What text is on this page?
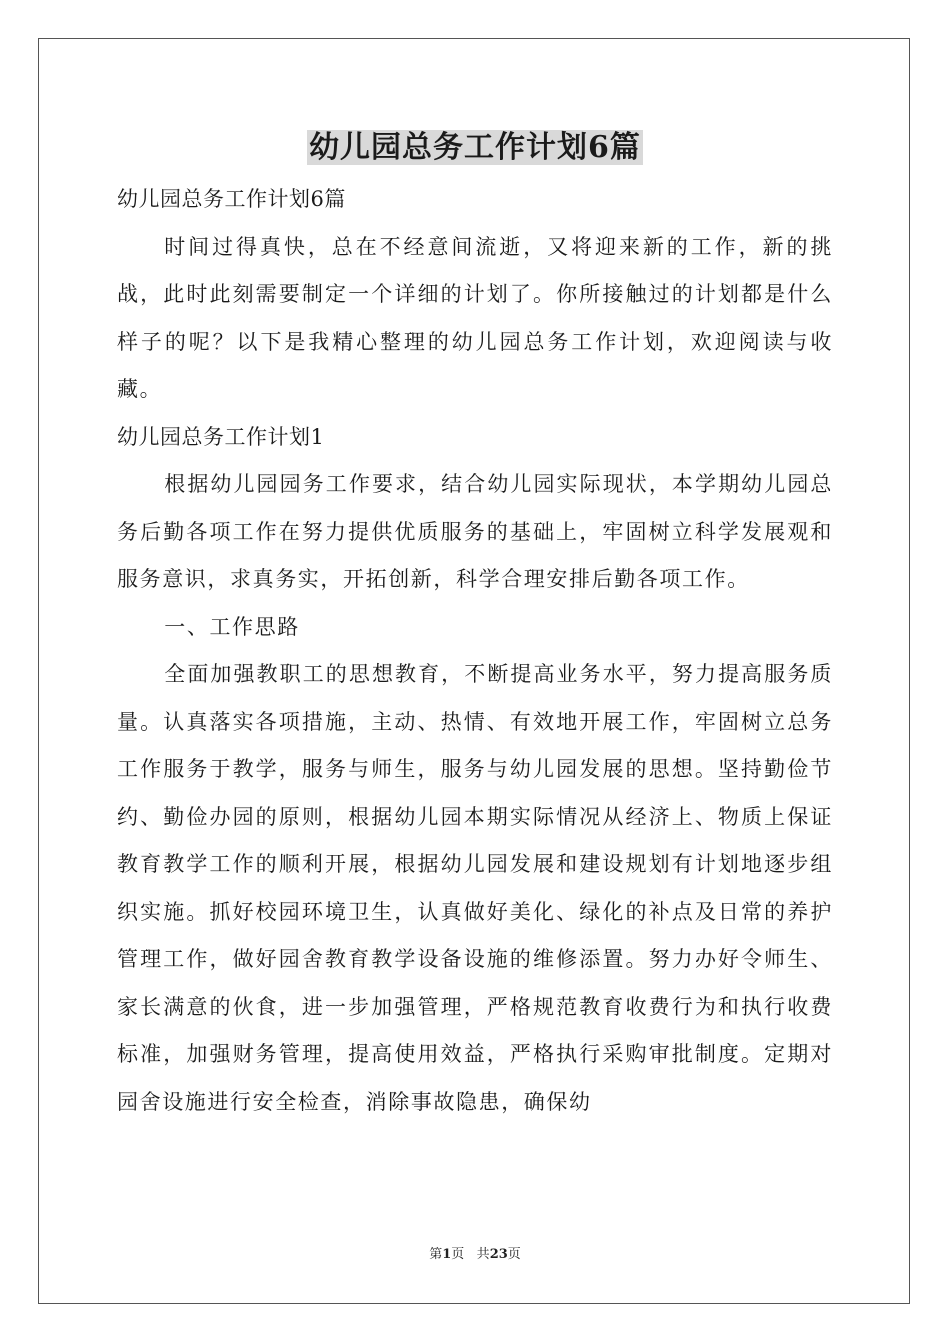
幼儿园总务工作计划6篇

幼儿园总务工作计划6篇

时间过得真快，总在不经意间流逝，又将迎来新的工作，新的挑战，此时此刻需要制定一个详细的计划了。你所接触过的计划都是什么样子的呢？以下是我精心整理的幼儿园总务工作计划，欢迎阅读与收藏。

幼儿园总务工作计划1

根据幼儿园园务工作要求，结合幼儿园实际现状，本学期幼儿园总务后勤各项工作在努力提供优质服务的基础上，牢固树立科学发展观和服务意识，求真务实，开拓创新，科学合理安排后勤各项工作。

一、工作思路

全面加强教职工的思想教育，不断提高业务水平，努力提高服务质量。认真落实各项措施，主动、热情、有效地开展工作，牢固树立总务工作服务于教学，服务与师生，服务与幼儿园发展的思想。坚持勤俭节约、勤俭办园的原则，根据幼儿园本期实际情况从经济上、物质上保证教育教学工作的顺利开展，根据幼儿园发展和建设规划有计划地逐步组织实施。抓好校园环境卫生，认真做好美化、绿化的补点及日常的养护管理工作，做好园舍教育教学设备设施的维修添置。努力办好令师生、家长满意的伙食，进一步加强管理，严格规范教育收费行为和执行收费标准，加强财务管理，提高使用效益，严格执行采购审批制度。定期对园舍设施进行安全检查，消除事故隐患，确保幼

第1页 共23页
